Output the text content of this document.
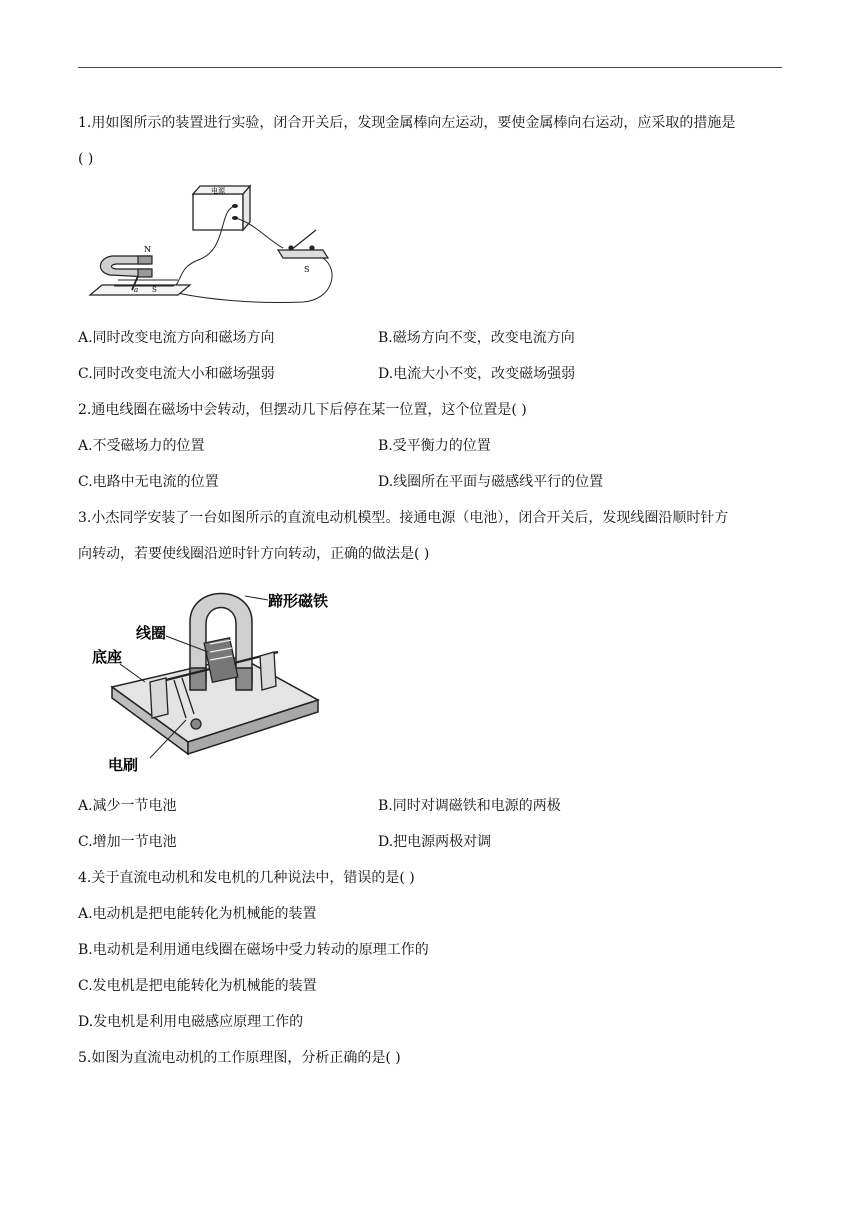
1.用如图所示的装置进行实验，闭合开关后，发现金属棒向左运动，要使金属棒向右运动，应采取的措施是
( )
电源
S
N
S
a
A.同时改变电流方向和磁场方向	B.磁场方向不变，改变电流方向
C.同时改变电流大小和磁场强弱	D.电流大小不变，改变磁场强弱
2.通电线圈在磁场中会转动，但摆动几下后停在某一位置，这个位置是( )
A.不受磁场力的位置	B.受平衡力的位置
C.电路中无电流的位置	D.线圈所在平面与磁感线平行的位置
3.小杰同学安装了一台如图所示的直流电动机模型。接通电源（电池），闭合开关后，发现线圈沿顺时针方
向转动，若要使线圈沿逆时针方向转动，正确的做法是( )
蹄形磁铁
线圈
底座
电刷
A.减少一节电池	B.同时对调磁铁和电源的两极
C.增加一节电池	D.把电源两极对调
4.关于直流电动机和发电机的几种说法中，错误的是( )
A.电动机是把电能转化为机械能的装置
B.电动机是利用通电线圈在磁场中受力转动的原理工作的
C.发电机是把电能转化为机械能的装置
D.发电机是利用电磁感应原理工作的
5.如图为直流电动机的工作原理图，分析正确的是( )
